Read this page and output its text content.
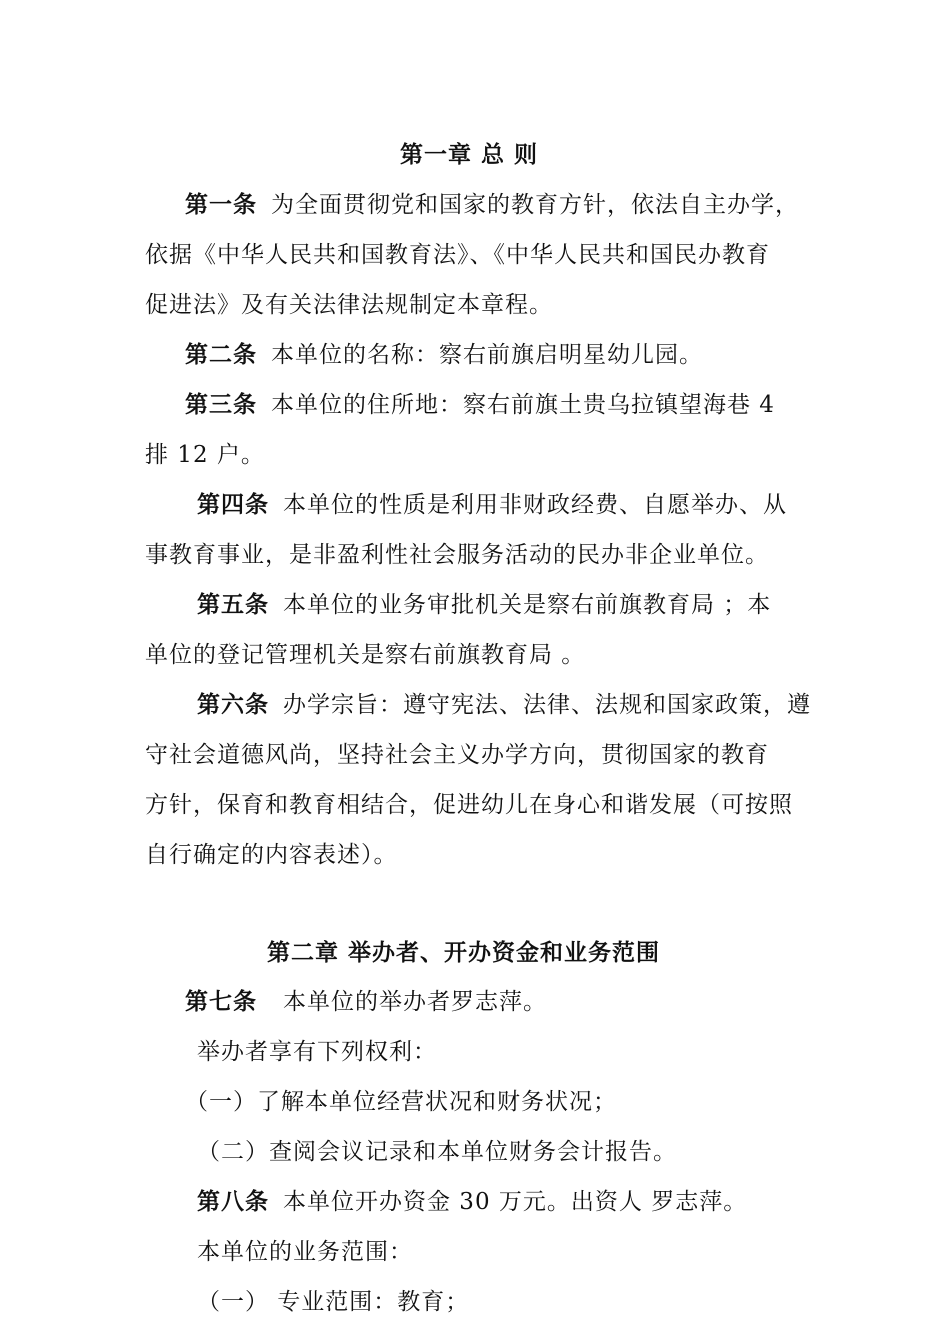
第一章 总 则
第一条 为全面贯彻党和国家的教育方针，依法自主办学，
依据《中华人民共和国教育法》、《中华人民共和国民办教育
促进法》及有关法律法规制定本章程。
第二条 本单位的名称：察右前旗启明星幼儿园。
第三条 本单位的住所地：察右前旗土贵乌拉镇望海巷 4
排 12 户。
第四条 本单位的性质是利用非财政经费、自愿举办、从
事教育事业，是非盈利性社会服务活动的民办非企业单位。
第五条 本单位的业务审批机关是察右前旗教育局 ；本
单位的登记管理机关是察右前旗教育局 。
第六条 办学宗旨：遵守宪法、法律、法规和国家政策，遵
守社会道德风尚，坚持社会主义办学方向，贯彻国家的教育
方针，保育和教育相结合，促进幼儿在身心和谐发展（可按照
自行确定的内容表述）。
第二章 举办者、开办资金和业务范围
第七条 本单位的举办者罗志萍。
举办者享有下列权利：
（一）了解本单位经营状况和财务状况；
（二）查阅会议记录和本单位财务会计报告。
第八条 本单位开办资金 30 万元。出资人 罗志萍。
本单位的业务范围：
（一） 专业范围：教育；
